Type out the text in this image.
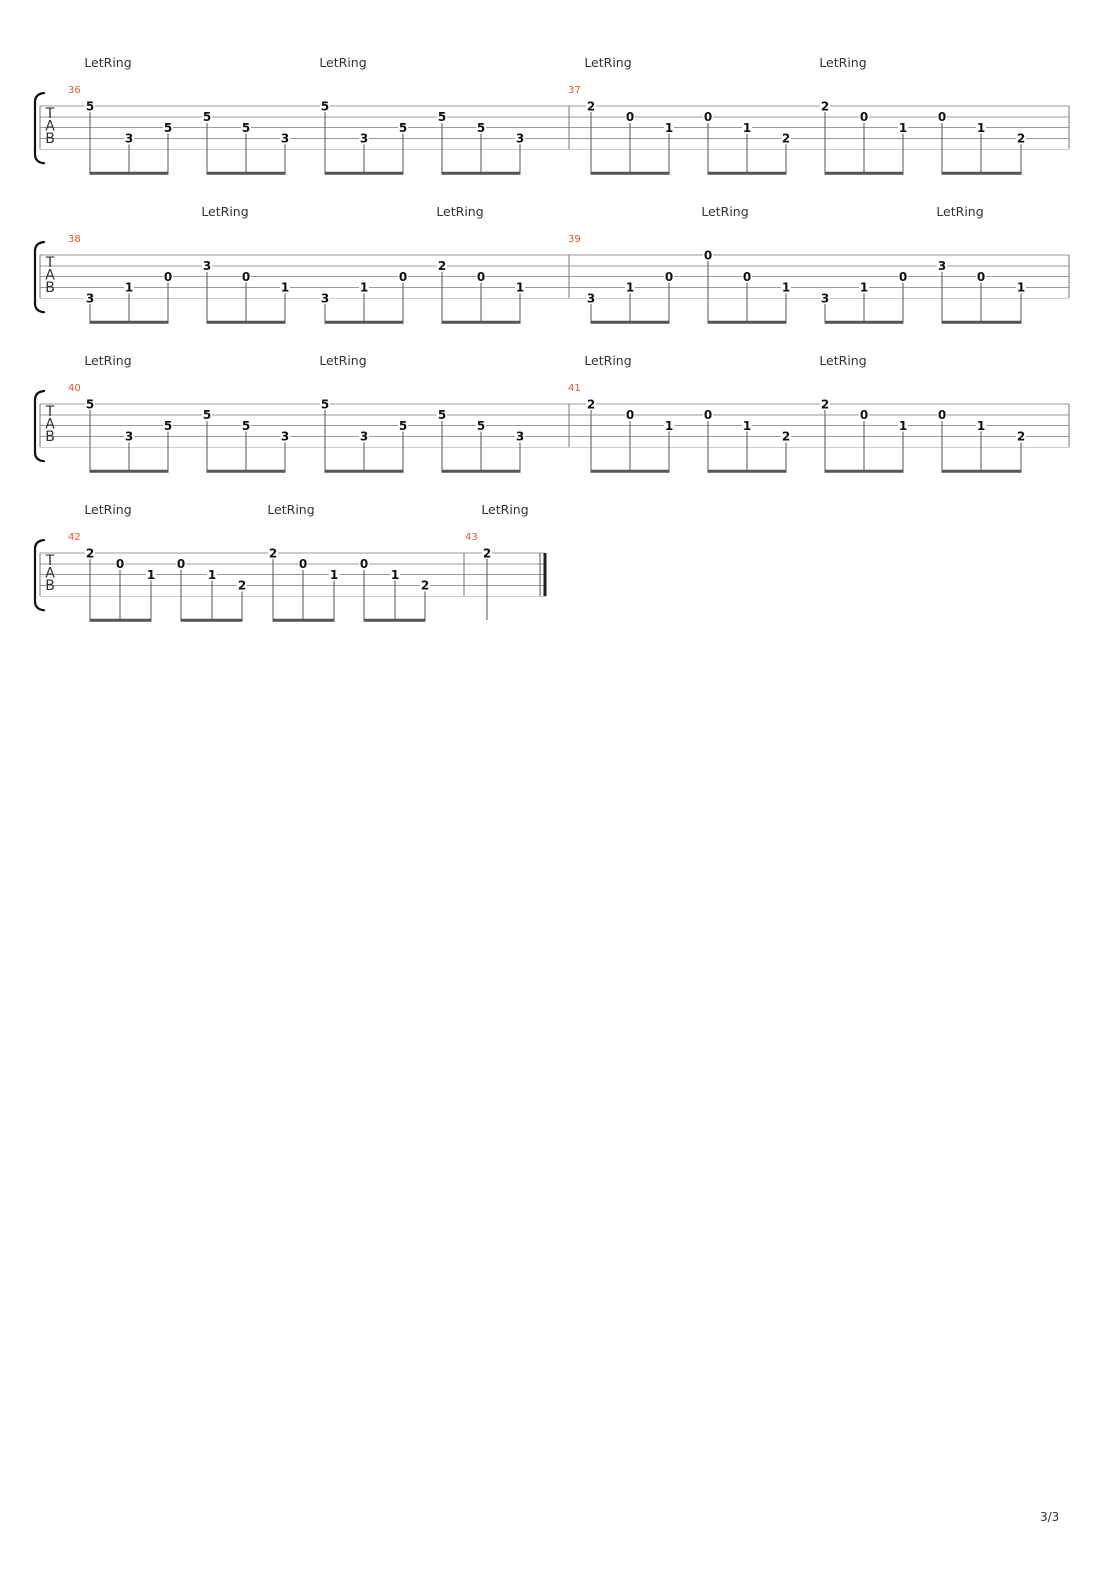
T
A
B
36
LetRing	LetRing
5
3
5
5
5
3
5
3
5
5
5
3
37
LetRing	LetRing
2
0
1
0
1
2
2
0
1
0
1
2
T
A
B
38
LetRing	LetRing
3
1
0
3
0
1
3
1
0
2
0
1
39
LetRing	LetRing
3
1
0
0
0
1
3
1
0
3
0
1
T
A
B
40
LetRing	LetRing
5
3
5
5
5
3
5
3
5
5
5
3
41
LetRing	LetRing
2
0
1
0
1
2
2
0
1
0
1
2
T
A
B
42
LetRing	LetRing
2
0
1
0
1
2
2
0
1
0
1
2
43
LetRing
2
3/3
